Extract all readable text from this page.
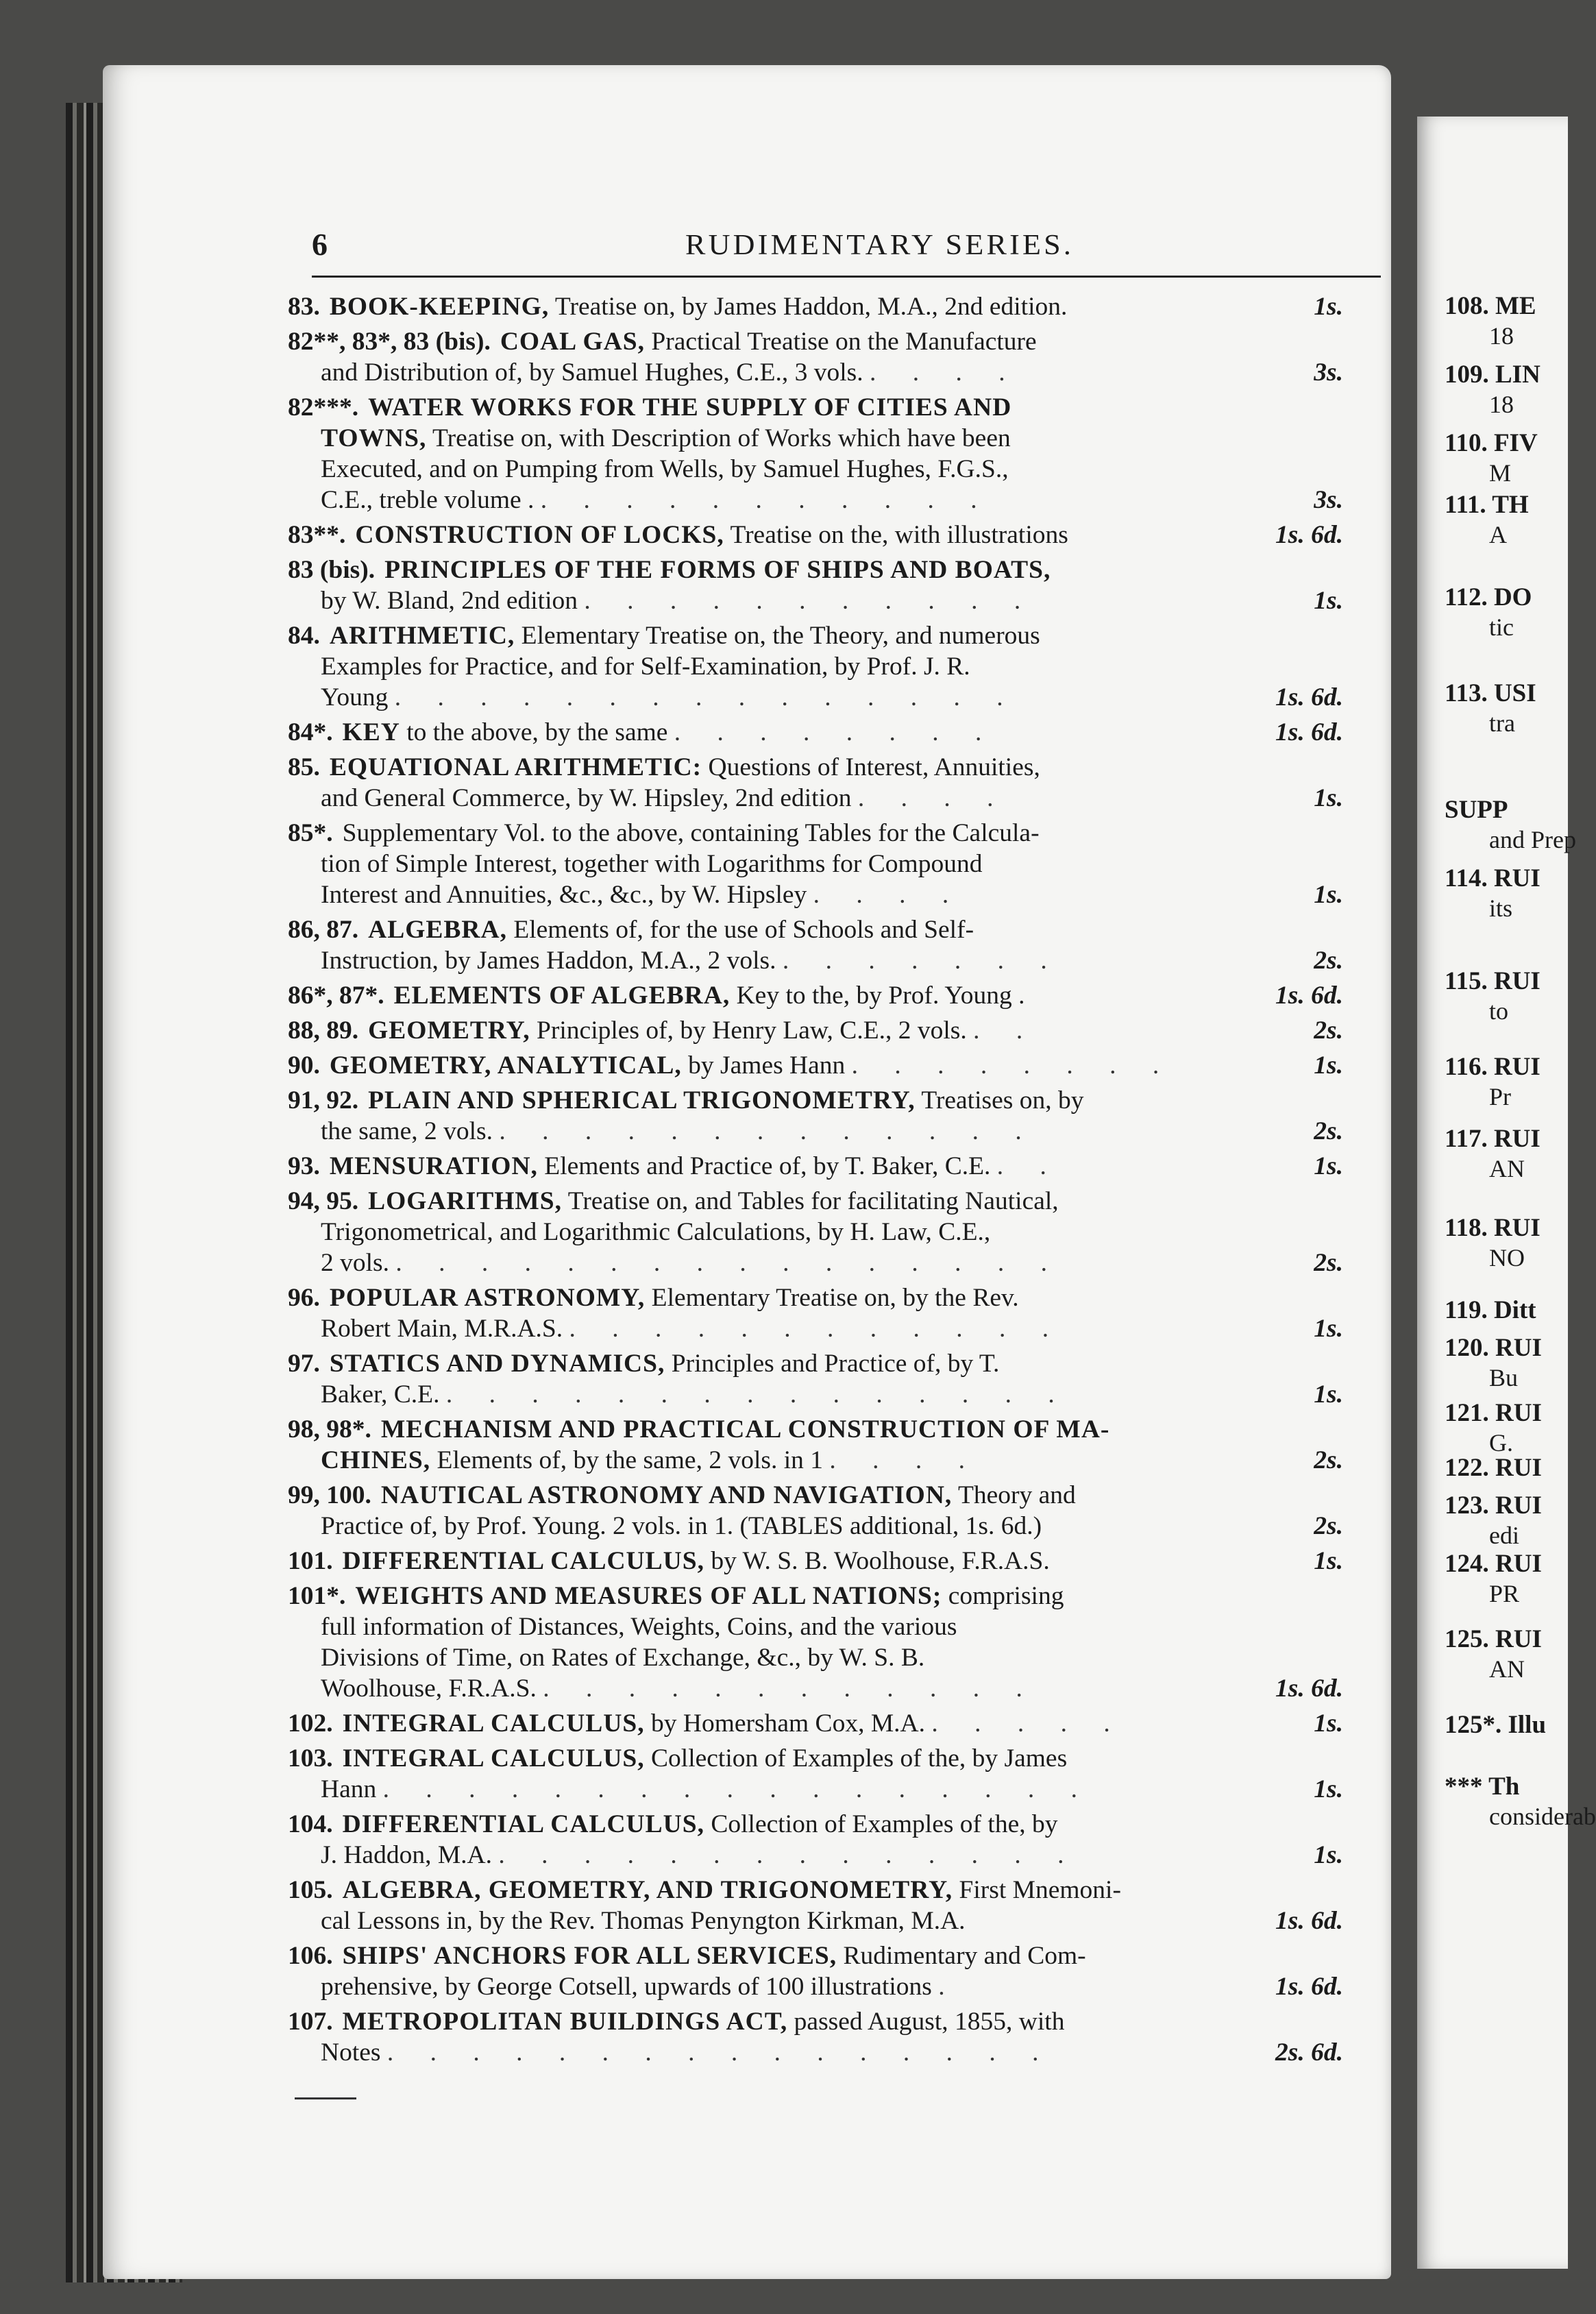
6	RUDIMENTARY SERIES.
83. BOOK-KEEPING, Treatise on, by James Haddon, M.A., 2nd edition.	1s.
82**, 83*, 83 (bis). COAL GAS, Practical Treatise on the Manufacture
and Distribution of, by Samuel Hughes, C.E., 3 vols. . . . .	3s.
82***. WATER WORKS FOR THE SUPPLY OF CITIES AND
TOWNS, Treatise on, with Description of Works which have been
Executed, and on Pumping from Wells, by Samuel Hughes, F.G.S.,
C.E., treble volume . . . . . . . . . . . .	3s.
83**. CONSTRUCTION OF LOCKS, Treatise on the, with illustrations	1s. 6d.
83 (bis). PRINCIPLES OF THE FORMS OF SHIPS AND BOATS,
by W. Bland, 2nd edition . . . . . . . . . . .	1s.
84. ARITHMETIC, Elementary Treatise on, the Theory, and numerous
Examples for Practice, and for Self-Examination, by Prof. J. R.
Young . . . . . . . . . . . . . . .	1s. 6d.
84*. KEY to the above, by the same . . . . . . . .	1s. 6d.
85. EQUATIONAL ARITHMETIC: Questions of Interest, Annuities,
and General Commerce, by W. Hipsley, 2nd edition . . . .	1s.
85*. Supplementary Vol. to the above, containing Tables for the Calcula-
tion of Simple Interest, together with Logarithms for Compound
Interest and Annuities, &c., &c., by W. Hipsley . . . .	1s.
86, 87. ALGEBRA, Elements of, for the use of Schools and Self-
Instruction, by James Haddon, M.A., 2 vols. . . . . . . .	2s.
86*, 87*. ELEMENTS OF ALGEBRA, Key to the, by Prof. Young .	1s. 6d.
88, 89. GEOMETRY, Principles of, by Henry Law, C.E., 2 vols. . .	2s.
90. GEOMETRY, ANALYTICAL, by James Hann . . . . . . . .	1s.
91, 92. PLAIN AND SPHERICAL TRIGONOMETRY, Treatises on, by
the same, 2 vols. . . . . . . . . . . . . .	2s.
93. MENSURATION, Elements and Practice of, by T. Baker, C.E. . .	1s.
94, 95. LOGARITHMS, Treatise on, and Tables for facilitating Nautical,
Trigonometrical, and Logarithmic Calculations, by H. Law, C.E.,
2 vols. . . . . . . . . . . . . . . . .	2s.
96. POPULAR ASTRONOMY, Elementary Treatise on, by the Rev.
Robert Main, M.R.A.S. . . . . . . . . . . . .	1s.
97. STATICS AND DYNAMICS, Principles and Practice of, by T.
Baker, C.E. . . . . . . . . . . . . . . .	1s.
98, 98*. MECHANISM AND PRACTICAL CONSTRUCTION OF MA-
CHINES, Elements of, by the same, 2 vols. in 1 . . . .	2s.
99, 100. NAUTICAL ASTRONOMY AND NAVIGATION, Theory and
Practice of, by Prof. Young. 2 vols. in 1. (TABLES additional, 1s. 6d.)	2s.
101. DIFFERENTIAL CALCULUS, by W. S. B. Woolhouse, F.R.A.S.	1s.
101*. WEIGHTS AND MEASURES OF ALL NATIONS; comprising
full information of Distances, Weights, Coins, and the various
Divisions of Time, on Rates of Exchange, &c., by W. S. B.
Woolhouse, F.R.A.S. . . . . . . . . . . . .	1s. 6d.
102. INTEGRAL CALCULUS, by Homersham Cox, M.A. . . . . .	1s.
103. INTEGRAL CALCULUS, Collection of Examples of the, by James
Hann . . . . . . . . . . . . . . . . .	1s.
104. DIFFERENTIAL CALCULUS, Collection of Examples of the, by
J. Haddon, M.A. . . . . . . . . . . . . . .	1s.
105. ALGEBRA, GEOMETRY, AND TRIGONOMETRY, First Mnemoni-
cal Lessons in, by the Rev. Thomas Penyngton Kirkman, M.A.	1s. 6d.
106. SHIPS' ANCHORS FOR ALL SERVICES, Rudimentary and Com-
prehensive, by George Cotsell, upwards of 100 illustrations .	1s. 6d.
107. METROPOLITAN BUILDINGS ACT, passed August, 1855, with
Notes . . . . . . . . . . . . . . . .	2s. 6d.
108. ME
18
109. LIN
18
110. FIV
M
111. TH
A
112. DO
tic
113. USI
tra
SUPP
and Prep
114. RUI
its
115. RUI
to
116. RUI
Pr
117. RUI
AN
118. RUI
NO
119. Ditt
120. RUI
Bu
121. RUI
G.
122. RUI
123. RUI
edi
124. RUI
PR
125. RUI
AN
125*. Illu
*** Th
considerab
